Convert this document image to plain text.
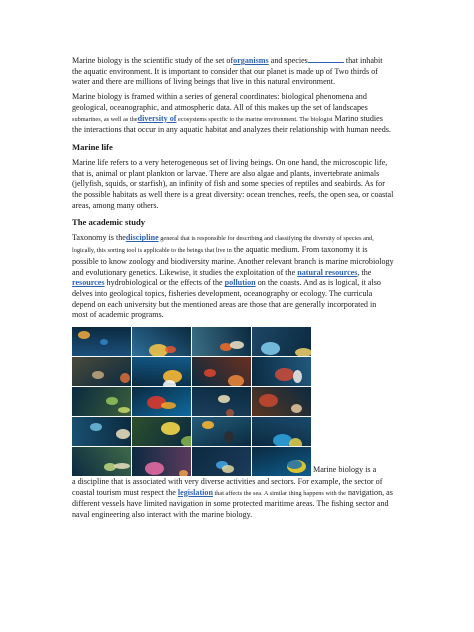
Marine biology is the scientific study of the set oforganisms and species	that inhabit the aquatic environment. It is important to consider that our planet is made up of Two thirds of water and there are millions of living beings that live in this natural environment.

Marine biology is framed within a series of general coordinates: biological phenomena and geological, oceanographic, and atmospheric data. All of this makes up the set of landscapes submarines, as well as thediversity of ecosystems specific to the marine environment. The biologist Marino studies the interactions that occur in any aquatic habitat and analyzes their relationship with human needs.

Marine life

Marine life refers to a very heterogeneous set of living beings. On one hand, the microscopic life, that is, animal or plant plankton or larvae. There are also algae and plants, invertebrate animals (jellyfish, squids, or starfish), an infinity of fish and some species of reptiles and seabirds. As for the possible habitats as well there is a great diversity: ocean trenches, reefs, the open sea, or coastal areas, among many others.

The academic study

Taxonomy is thediscipline general that is responsible for describing and classifying the diversity of species and, logically, this sorting tool is applicable to the beings that live in the aquatic medium. From taxonomy it is possible to know zoology and biodiversity marine. Another relevant branch is marine microbiology and evolutionary genetics. Likewise, it studies the exploitation of the natural resources, the resources hydrobiological or the effects of the pollution on the coasts. And as is logical, it also delves into geological topics, fisheries development, oceanography or ecology. The curricula depend on each university but the mentioned areas are those that are generally incorporated in most of academic programs.

Marine biology is a

a discipline that is associated with very diverse activities and sectors. For example, the sector of coastal tourism must respect the legislation that affects the sea. A similar thing happens with the navigation, as different vessels have limited navigation in some protected maritime areas. The fishing sector and naval engineering also interact with the marine biology.
